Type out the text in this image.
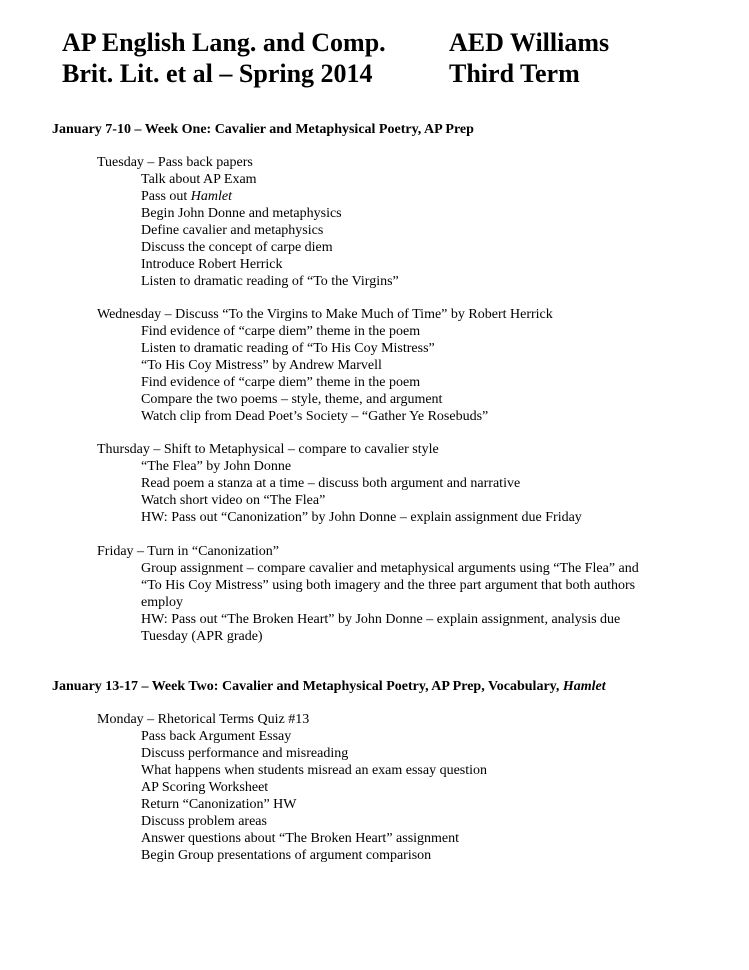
AP English Lang. and Comp.
Brit. Lit. et al – Spring 2014
AED Williams
Third Term
January 7-10 – Week One: Cavalier and Metaphysical Poetry, AP Prep
Tuesday – Pass back papers
Talk about AP Exam
Pass out Hamlet
Begin John Donne and metaphysics
Define cavalier and metaphysics
Discuss the concept of carpe diem
Introduce Robert Herrick
Listen to dramatic reading of “To the Virgins”
Wednesday – Discuss “To the Virgins to Make Much of Time” by Robert Herrick
Find evidence of “carpe diem” theme in the poem
Listen to dramatic reading of “To His Coy Mistress”
“To His Coy Mistress” by Andrew Marvell
Find evidence of “carpe diem” theme in the poem
Compare the two poems – style, theme, and argument
Watch clip from Dead Poet’s Society – “Gather Ye Rosebuds”
Thursday – Shift to Metaphysical – compare to cavalier style
“The Flea” by John Donne
Read poem a stanza at a time – discuss both argument and narrative
Watch short video on “The Flea”
HW: Pass out “Canonization” by John Donne – explain assignment due Friday
Friday – Turn in “Canonization”
Group assignment – compare cavalier and metaphysical arguments using “The Flea” and
“To His Coy Mistress” using both imagery and the three part argument that both authors
employ
HW: Pass out “The Broken Heart” by John Donne – explain assignment, analysis due
Tuesday (APR grade)
January 13-17 – Week Two: Cavalier and Metaphysical Poetry, AP Prep, Vocabulary, Hamlet
Monday – Rhetorical Terms Quiz #13
Pass back Argument Essay
Discuss performance and misreading
What happens when students misread an exam essay question
AP Scoring Worksheet
Return “Canonization” HW
Discuss problem areas
Answer questions about “The Broken Heart” assignment
Begin Group presentations of argument comparison
